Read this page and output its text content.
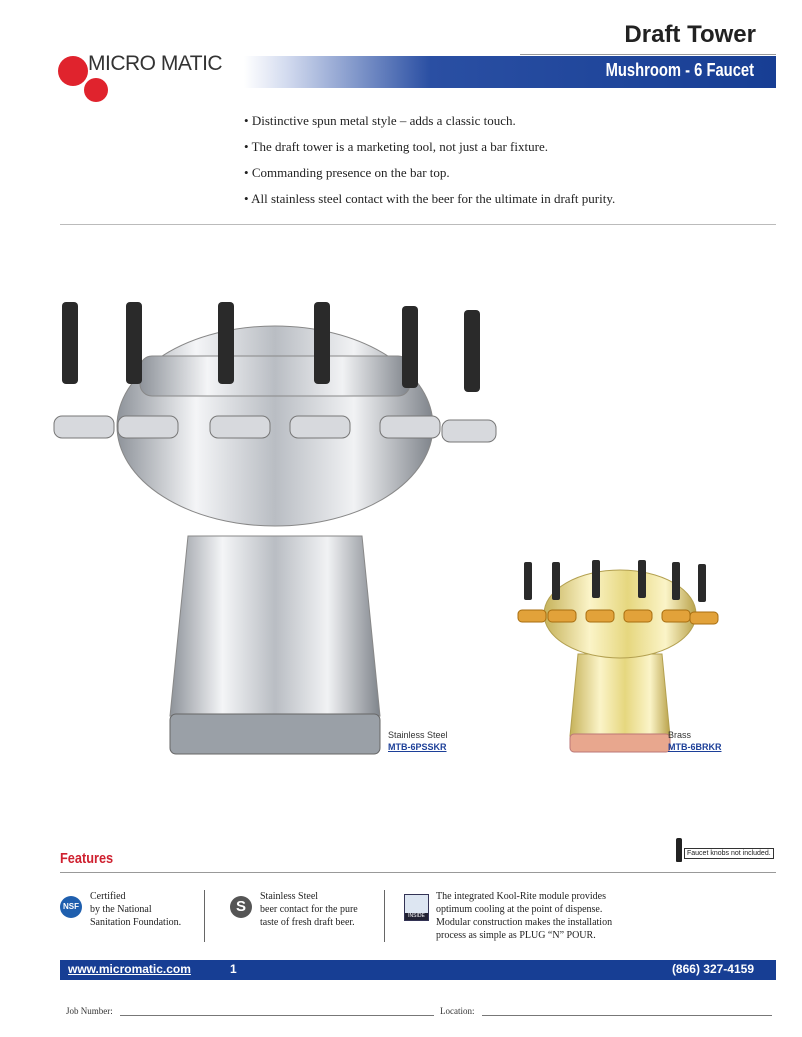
MICRO MATIC
Draft Tower
Mushroom - 6 Faucet
• Distinctive spun metal style – adds a classic touch.
• The draft tower is a marketing tool, not just a bar fixture.
• Commanding presence on the bar top.
• All stainless steel contact with the beer for the ultimate in draft purity.
Stainless Steel
MTB-6PSSKR
Brass
MTB-6BRKR
Features	Faucet knobs not included.
NSF
Certified
by the National
Sanitation Foundation.
S
Stainless Steel
beer contact for the pure
taste of fresh draft beer.
INSIDE
The integrated Kool-Rite module provides
optimum cooling at the point of dispense.
Modular construction makes the installation
process as simple as PLUG “N” POUR.
www.micromatic.com	1	(866) 327-4159
Job Number:	Location:
